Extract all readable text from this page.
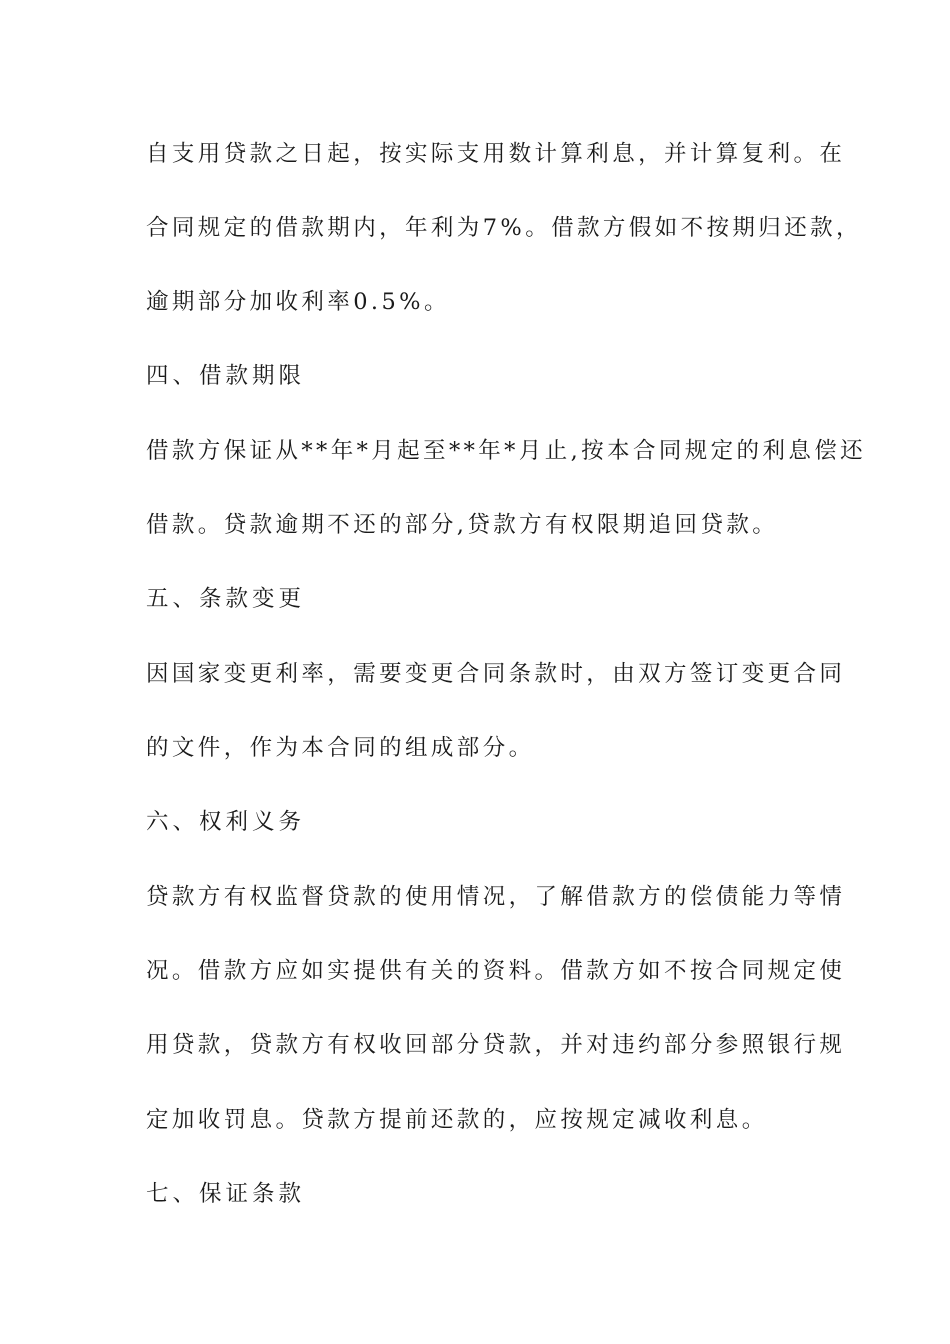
自支用贷款之日起，按实际支用数计算利息，并计算复利。在
合同规定的借款期内，年利为7%。借款方假如不按期归还款，
逾期部分加收利率0.5%。
四、借款期限
借款方保证从**年*月起至**年*月止,按本合同规定的利息偿还
借款。贷款逾期不还的部分,贷款方有权限期追回贷款。
五、条款变更
因国家变更利率，需要变更合同条款时，由双方签订变更合同
的文件，作为本合同的组成部分。
六、权利义务
贷款方有权监督贷款的使用情况，了解借款方的偿债能力等情
况。借款方应如实提供有关的资料。借款方如不按合同规定使
用贷款，贷款方有权收回部分贷款，并对违约部分参照银行规
定加收罚息。贷款方提前还款的，应按规定减收利息。
七、保证条款
